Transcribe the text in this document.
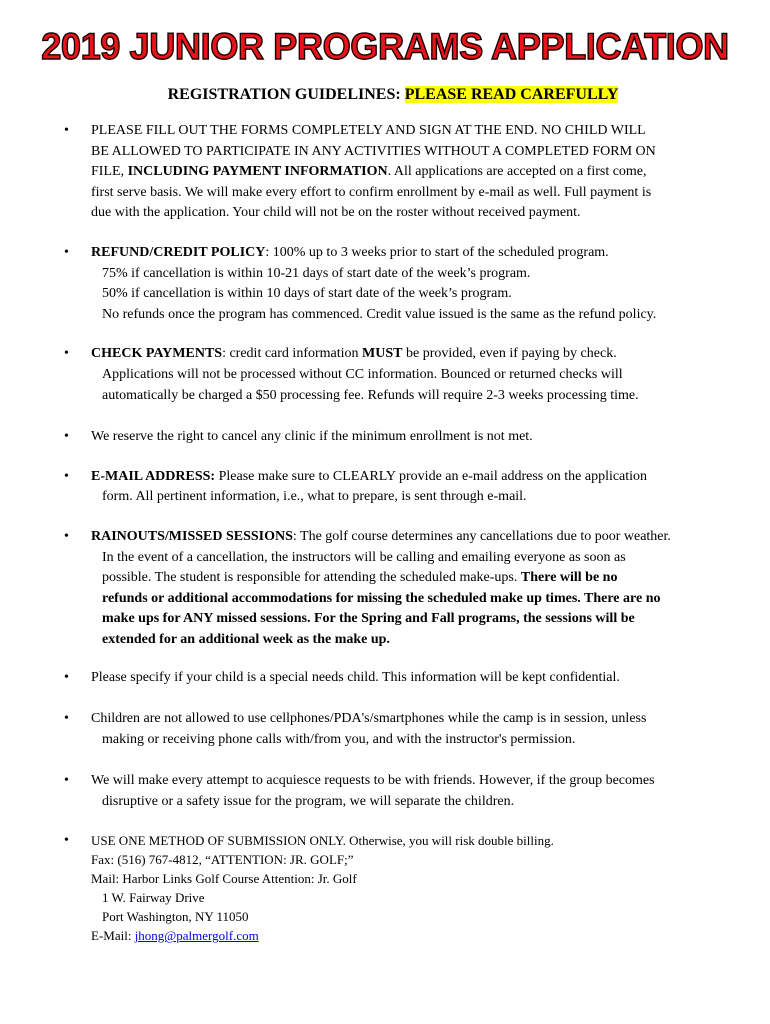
2019 JUNIOR PROGRAMS APPLICATION
REGISTRATION GUIDELINES: PLEASE READ CAREFULLY
• PLEASE FILL OUT THE FORMS COMPLETELY AND SIGN AT THE END. NO CHILD WILL
BE ALLOWED TO PARTICIPATE IN ANY ACTIVITIES WITHOUT A COMPLETED FORM ON
FILE, INCLUDING PAYMENT INFORMATION. All applications are accepted on a first come,
first serve basis. We will make every effort to confirm enrollment by e-mail as well. Full payment is
due with the application. Your child will not be on the roster without received payment.
• REFUND/CREDIT POLICY: 100% up to 3 weeks prior to start of the scheduled program.
75% if cancellation is within 10-21 days of start date of the week’s program.
50% if cancellation is within 10 days of start date of the week’s program.
No refunds once the program has commenced. Credit value issued is the same as the refund policy.
• CHECK PAYMENTS: credit card information MUST be provided, even if paying by check.
Applications will not be processed without CC information. Bounced or returned checks will
automatically be charged a $50 processing fee. Refunds will require 2-3 weeks processing time.
• We reserve the right to cancel any clinic if the minimum enrollment is not met.
• E-MAIL ADDRESS: Please make sure to CLEARLY provide an e-mail address on the application
form. All pertinent information, i.e., what to prepare, is sent through e-mail.
• RAINOUTS/MISSED SESSIONS: The golf course determines any cancellations due to poor weather.
In the event of a cancellation, the instructors will be calling and emailing everyone as soon as
possible. The student is responsible for attending the scheduled make-ups. There will be no
refunds or additional accommodations for missing the scheduled make up times. There are no
make ups for ANY missed sessions. For the Spring and Fall programs, the sessions will be
extended for an additional week as the make up.
• Please specify if your child is a special needs child. This information will be kept confidential.
• Children are not allowed to use cellphones/PDA's/smartphones while the camp is in session, unless
making or receiving phone calls with/from you, and with the instructor's permission.
• We will make every attempt to acquiesce requests to be with friends. However, if the group becomes
disruptive or a safety issue for the program, we will separate the children.
• USE ONE METHOD OF SUBMISSION ONLY. Otherwise, you will risk double billing.
Fax: (516) 767-4812, “ATTENTION: JR. GOLF;”
Mail: Harbor Links Golf Course Attention: Jr. Golf
1 W. Fairway Drive
Port Washington, NY 11050
E-Mail: jhong@palmergolf.com
